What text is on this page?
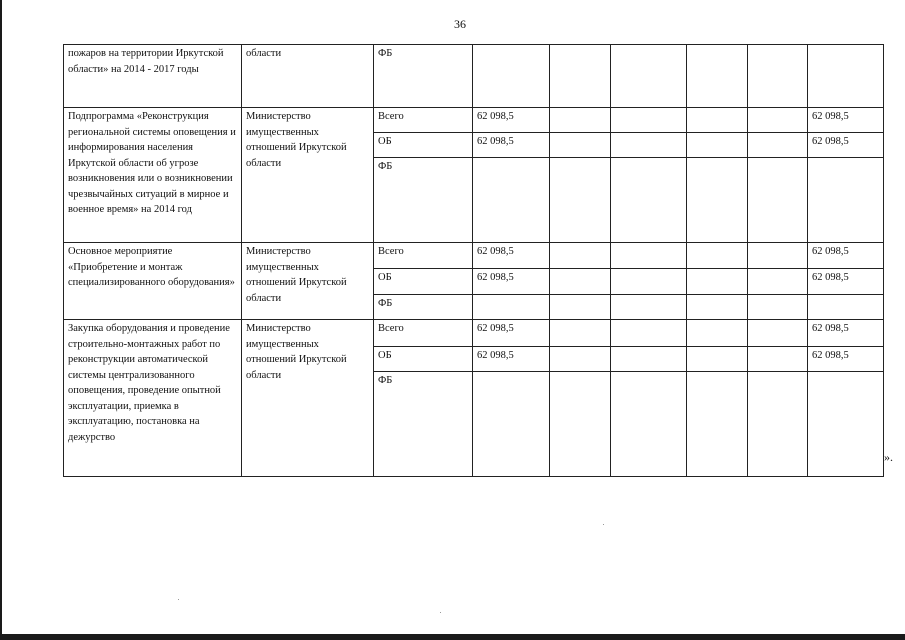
36
пожаров на территории Иркутской области» на 2014 - 2017 годы	области	ФБ						
Подпрограмма «Реконструкция региональной системы оповещения и информирования населения Иркутской области об угрозе возникновения или о возникновении чрезвычайных ситуаций в мирное и военное время» на 2014 год	Министерство имущественных отношений Иркутской области	Всего	62 098,5					62 098,5
		ОБ	62 098,5					62 098,5
		ФБ						
Основное мероприятие «Приобретение и монтаж специализированного оборудования»	Министерство имущественных отношений Иркутской области	Всего	62 098,5					62 098,5
		ОБ	62 098,5					62 098,5
		ФБ						
Закупка оборудования и проведение строительно-монтажных работ по реконструкции автоматической системы централизованного оповещения, проведение опытной эксплуатации, приемка в эксплуатацию, постановка на дежурство	Министерство имущественных отношений Иркутской области	Всего	62 098,5					62 098,5
		ОБ	62 098,5					62 098,5
		ФБ						
».
